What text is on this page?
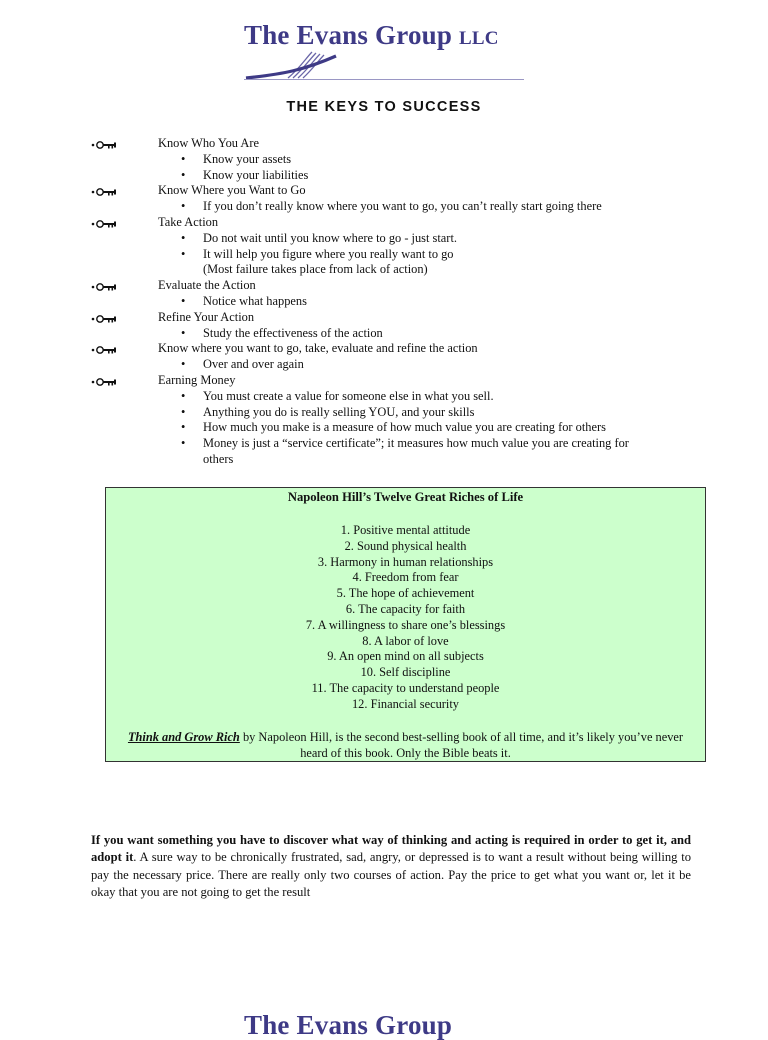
The Evans Group LLC
THE KEYS TO SUCCESS
Know Who You Are
• Know your assets
• Know your liabilities
Know Where you Want to Go
• If you don’t really know where you want to go, you can’t really start going there
Take Action
• Do not wait until you know where to go - just start.
• It will help you figure where you really want to go
(Most failure takes place from lack of action)
Evaluate the Action
• Notice what happens
Refine Your Action
• Study the effectiveness of the action
Know where you want to go, take, evaluate and refine the action
• Over and over again
Earning Money
• You must create a value for someone else in what you sell.
• Anything you do is really selling YOU, and your skills
• How much you make is a measure of how much value you are creating for others
• Money is just a “service certificate”; it measures how much value you are creating for
others
Napoleon Hill’s Twelve Great Riches of Life
1. Positive mental attitude
2. Sound physical health
3. Harmony in human relationships
4. Freedom from fear
5. The hope of achievement
6. The capacity for faith
7. A willingness to share one’s blessings
8. A labor of love
9. An open mind on all subjects
10. Self discipline
11. The capacity to understand people
12. Financial security
Think and Grow Rich by Napoleon Hill, is the second best-selling book of all time, and it’s likely you’ve never heard of this book. Only the Bible beats it.
If you want something you have to discover what way of thinking and acting is required in order to get it, and adopt it. A sure way to be chronically frustrated, sad, angry, or depressed is to want a result without being willing to pay the necessary price. There are really only two courses of action. Pay the price to get what you want or, let it be okay that you are not going to get the result
The Evans Group
